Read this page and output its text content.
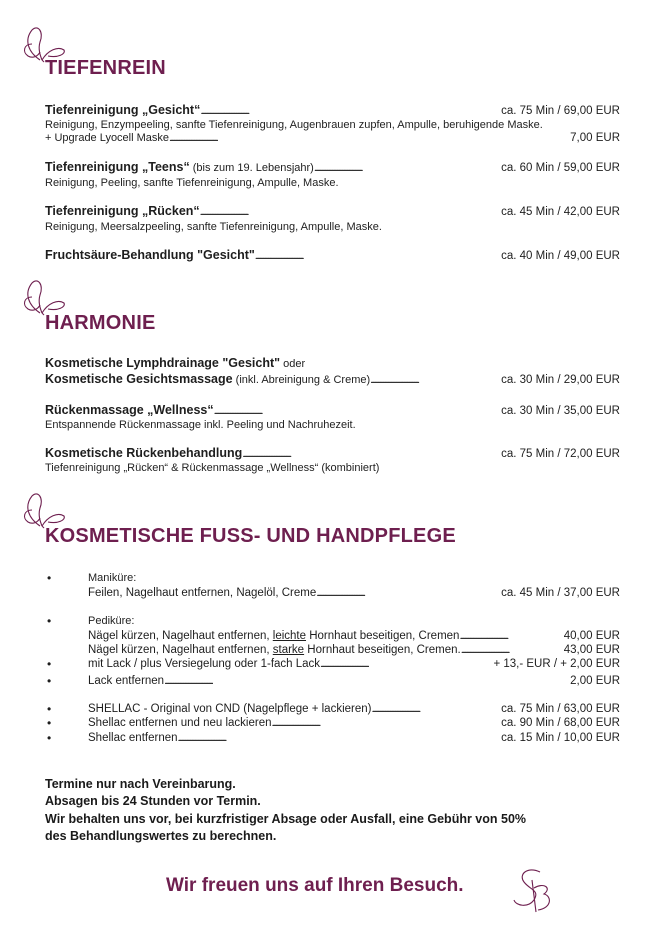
TIEFENREIN
Tiefenreinigung „Gesicht“ . . .	ca. 75 Min / 69,00 EUR
Reinigung, Enzympeeling, sanfte Tiefenreinigung, Augenbrauen zupfen, Ampulle, beruhigende Maske.
+ Upgrade Lyocell Maske . . .	7,00 EUR
Tiefenreinigung „Teens“ (bis zum 19. Lebensjahr) . . .	ca. 60 Min / 59,00 EUR
Reinigung, Peeling, sanfte Tiefenreinigung, Ampulle, Maske.
Tiefenreinigung „Rücken“ . . .	ca. 45 Min / 42,00 EUR
Reinigung, Meersalzpeeling, sanfte Tiefenreinigung, Ampulle, Maske.
Fruchtsäure-Behandlung "Gesicht" . . .	ca. 40 Min / 49,00 EUR
HARMONIE
Kosmetische Lymphdrainage "Gesicht" oder
Kosmetische Gesichtsmassage (inkl. Abreinigung & Creme) . . .	ca. 30 Min / 29,00 EUR
Rückenmassage „Wellness“ . . .	ca. 30 Min / 35,00 EUR
Entspannende Rückenmassage inkl. Peeling und Nachruhezeit.
Kosmetische Rückenbehandlung . . .	ca. 75 Min / 72,00 EUR
Tiefenreinigung „Rücken“ & Rückenmassage „Wellness“ (kombiniert)
KOSMETISCHE FUSS- UND HANDPFLEGE
•	Maniküre:
Feilen, Nagelhaut entfernen, Nagelöl, Creme . . .	ca. 45 Min / 37,00 EUR
•	Pediküre:
Nägel kürzen, Nagelhaut entfernen, leichte Hornhaut beseitigen, Cremen . . .	40,00 EUR
Nägel kürzen, Nagelhaut entfernen, starke Hornhaut beseitigen, Cremen. . . .	43,00 EUR
•	mit Lack / plus Versiegelung oder 1-fach Lack . . .	+ 13,- EUR / + 2,00 EUR
•	Lack entfernen . . .	2,00 EUR
•	SHELLAC - Original von CND (Nagelpflege + lackieren) . . .	ca. 75 Min / 63,00 EUR
•	Shellac entfernen und neu lackieren . . .	ca. 90 Min / 68,00 EUR
•	Shellac entfernen . . .	ca. 15 Min / 10,00 EUR
Termine nur nach Vereinbarung.
Absagen bis 24 Stunden vor Termin.
Wir behalten uns vor, bei kurzfristiger Absage oder Ausfall, eine Gebühr von 50%
des Behandlungswertes zu berechnen.
Wir freuen uns auf Ihren Besuch.
